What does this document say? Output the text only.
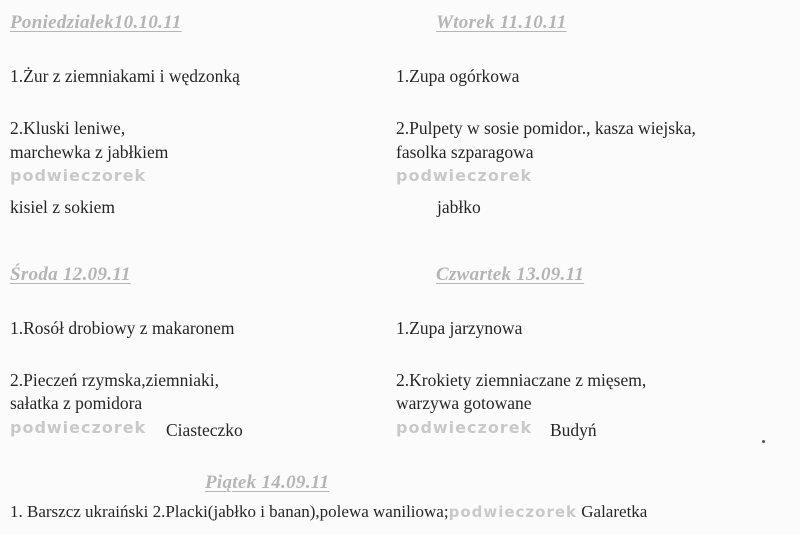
Poniedziałek10.10.11
1.Żur z ziemniakami i wędzonką
2.Kluski leniwe,
marchewka z jabłkiem
podwieczorek
kisiel z sokiem
Wtorek 11.10.11
1.Zupa ogórkowa
2.Pulpety w sosie pomidor., kasza wiejska,
fasolka szparagowa
podwieczorek
jabłko
Środa 12.09.11
1.Rosół drobiowy z makaronem
2.Pieczeń rzymska,ziemniaki,
sałatka z pomidora
podwieczorek Ciasteczko
Czwartek 13.09.11
1.Zupa jarzynowa
2.Krokiety ziemniaczane z mięsem,
warzywa gotowane
podwieczorek Budyń
Piątek 14.09.11
1. Barszcz ukraiński 2.Placki(jabłko i banan),polewa waniliowa;podwieczorek Galaretka
